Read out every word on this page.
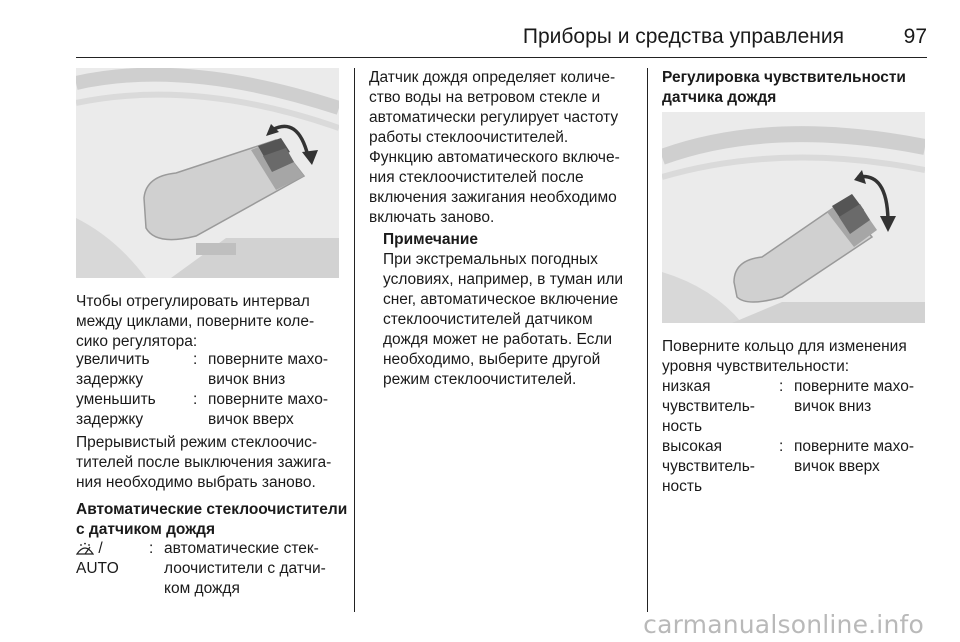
Приборы и средства управления	97

Чтобы отрегулировать интервал

между циклами, поверните коле-

сико регулятора:

увеличить

задержку

: поверните махо-

вичок вниз

уменьшить

задержку

: поверните махо-

вичок вверх

Прерывистый режим стеклоочис-

тителей после выключения зажига-

ния необходимо выбрать заново.

Автоматические стеклоочистители

с датчиком дождя

/

AUTO

: автоматические стек-

лоочистители с датчи-

ком дождя

Датчик дождя определяет количе-

ство воды на ветровом стекле и

автоматически регулирует частоту

работы стеклоочистителей.

Функцию автоматического включе-

ния стеклоочистителей после

включения зажигания необходимо

включать заново.

Примечание

При экстремальных погодных

условиях, например, в туман или

снег, автоматическое включение

стеклоочистителей датчиком

дождя может не работать. Если

необходимо, выберите другой

режим стеклоочистителей.

Регулировка чувствительности

датчика дождя

Поверните кольцо для изменения

уровня чувствительности:

низкая

чувствитель-

ность

: поверните махо-

вичок вниз

высокая

чувствитель-

ность

: поверните махо-

вичок вверх

carmanualsonline.info
